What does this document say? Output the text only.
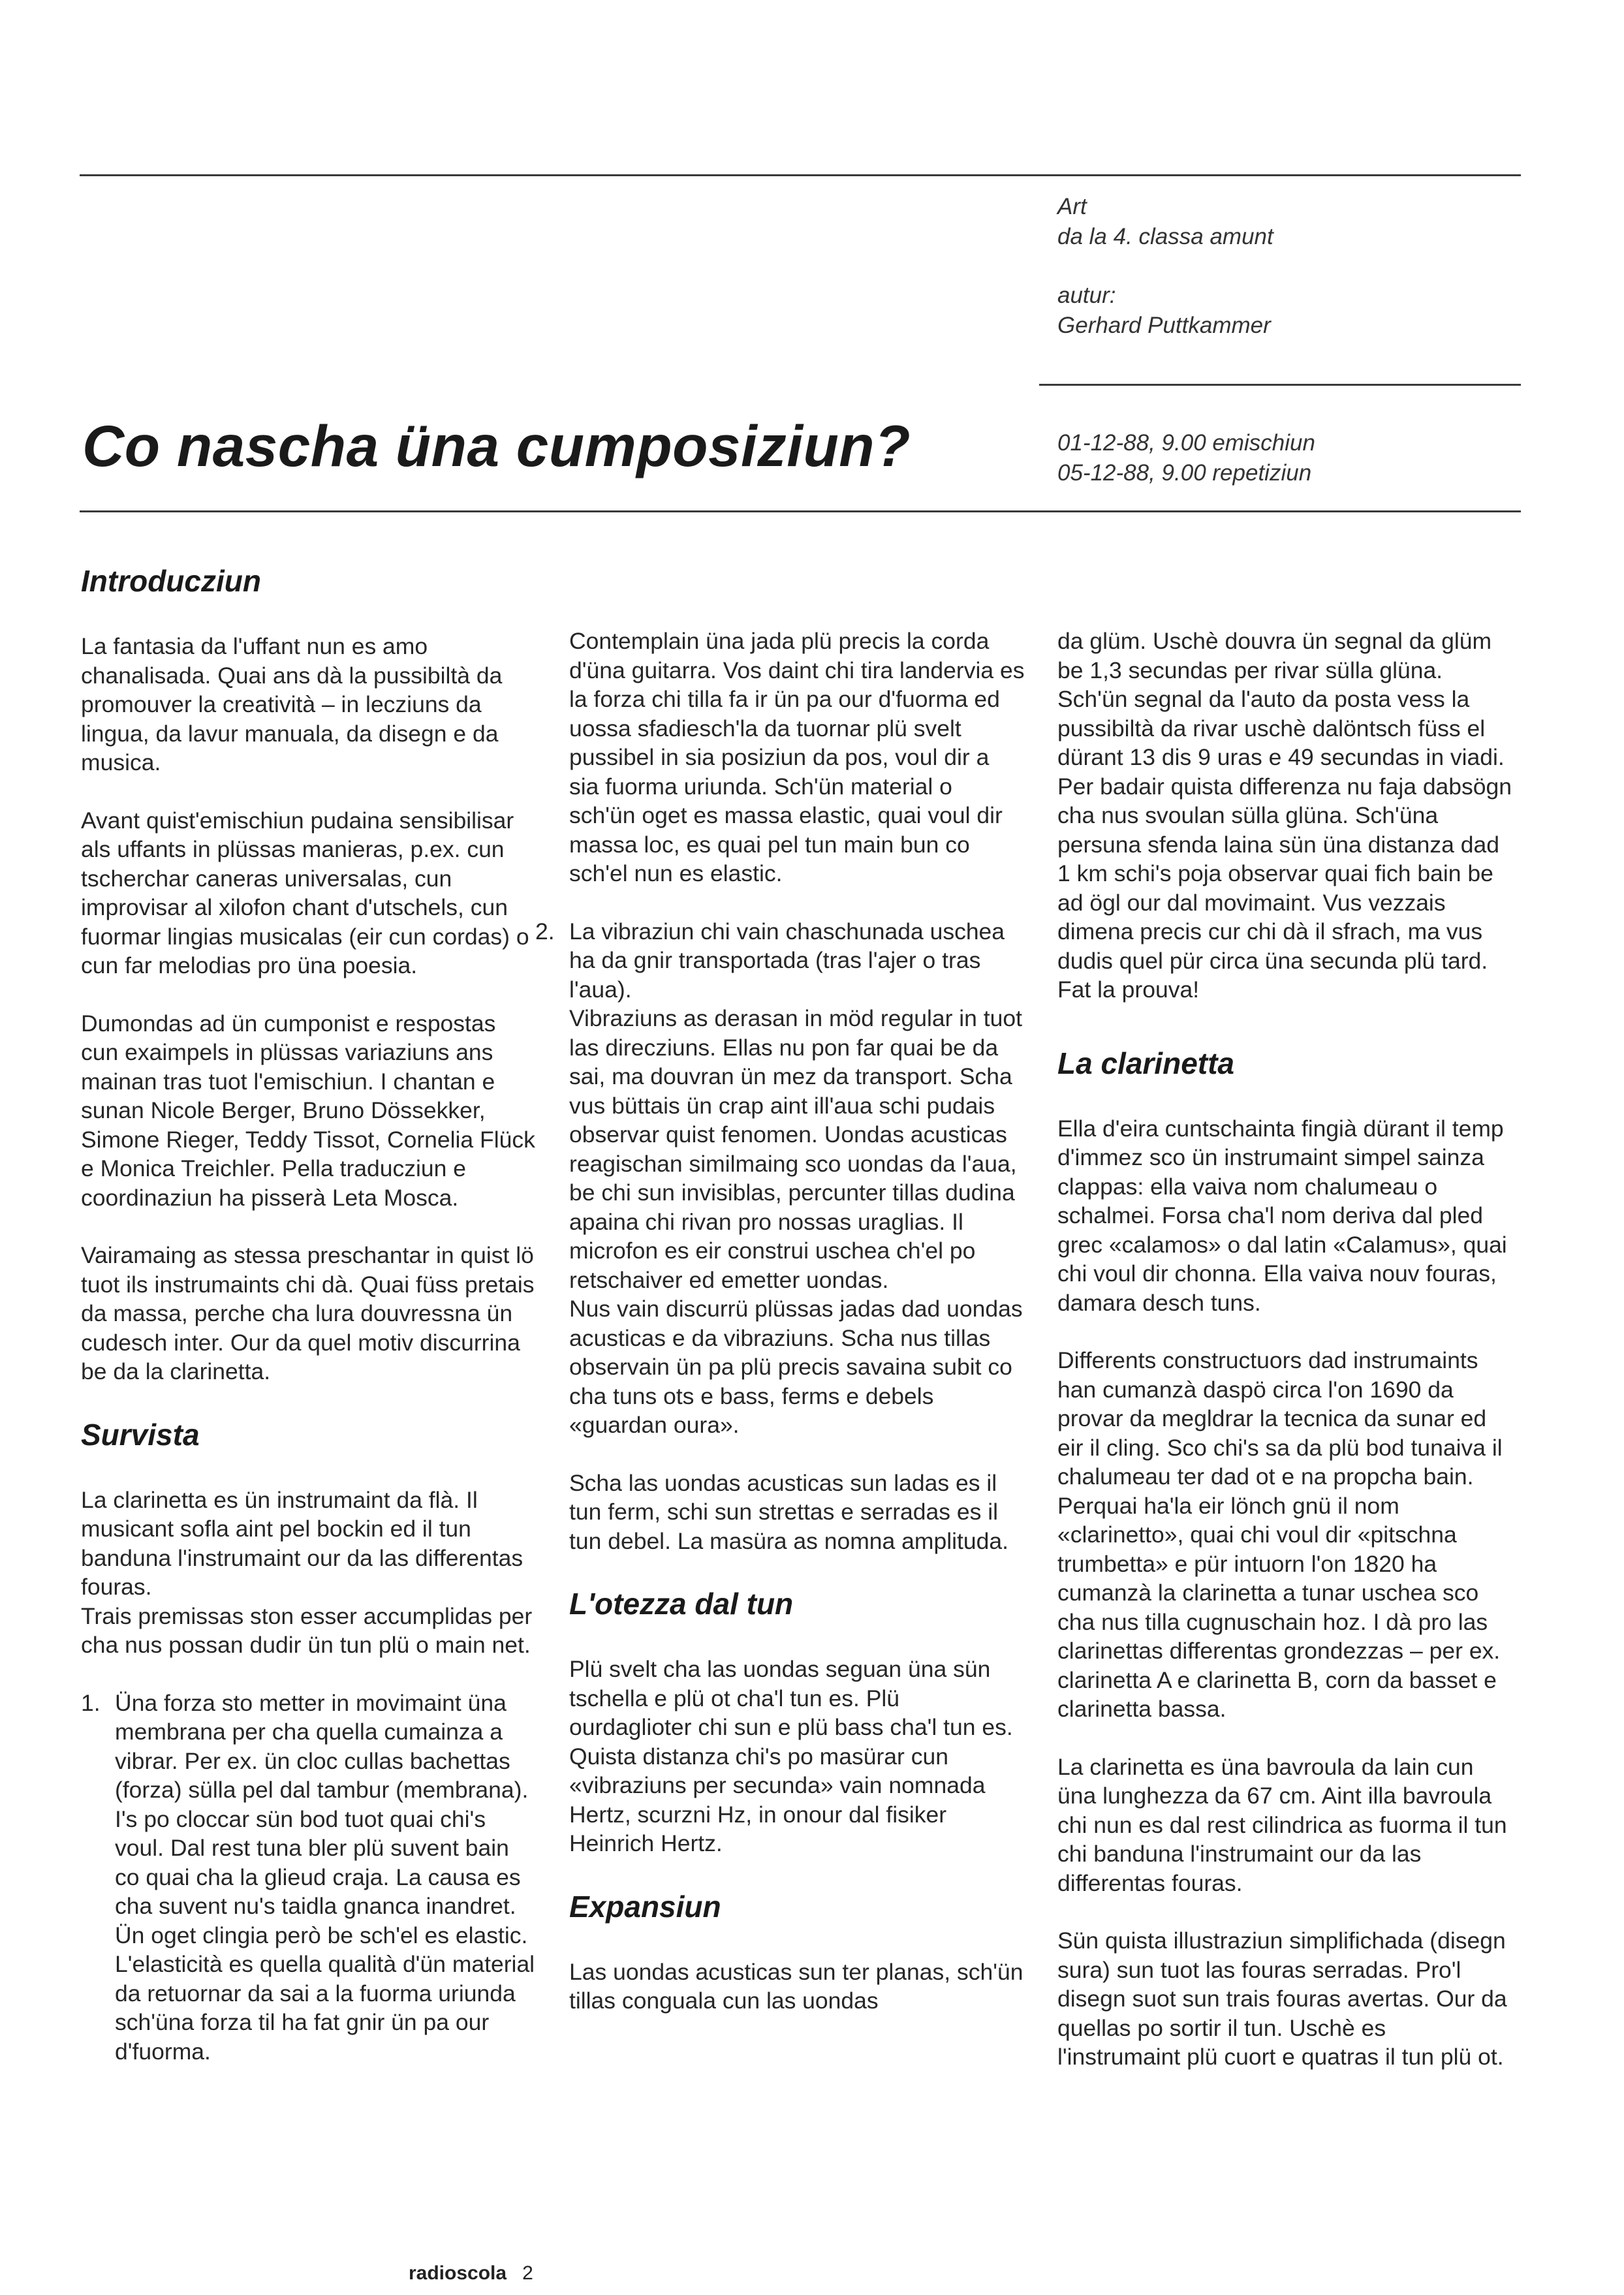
Art
da la 4. classa amunt
autur:
Gerhard Puttkammer
01-12-88, 9.00 emischiun
05-12-88, 9.00 repetiziun
Co nascha üna cumposiziun?
Introducziun

La fantasia da l'uffant nun es amo chanalisada. Quai ans dà la pussibiltà da promouver la creatività – in lecziuns da lingua, da lavur manuala, da disegn e da musica.

Avant quist'emischiun pudaina sensibilisar als uffants in plüssas manieras, p.ex. cun tscherchar caneras universalas, cun improvisar al xilofon chant d'utschels, cun fuormar lingias musicalas (eir cun cordas) o cun far melodias pro üna poesia.

Dumondas ad ün cumponist e respostas cun exaimpels in plüssas variaziuns ans mainan tras tuot l'emischiun. I chantan e sunan Nicole Berger, Bruno Dössekker, Simone Rieger, Teddy Tissot, Cornelia Flück e Monica Treichler. Pella traducziun e coordinaziun ha pisserà Leta Mosca.

Vairamaing as stessa preschantar in quist lö tuot ils instrumaints chi dà. Quai füss pretais da massa, perche cha lura douvressna ün cudesch inter. Our da quel motiv discurrina be da la clarinetta.

Survista

La clarinetta es ün instrumaint da flà. Il musicant sofla aint pel bockin ed il tun banduna l'instrumaint our da las differentas fouras.

Trais premissas ston esser accumplidas per cha nus possan dudir ün tun plü o main net.

1. Üna forza sto metter in movimaint üna membrana per cha quella cumainza a vibrar. Per ex. ün cloc cullas bachettas (forza) sülla pel dal tambur (membrana).

I's po cloccar sün bod tuot quai chi's voul. Dal rest tuna bler plü suvent bain co quai cha la glieud craja. La causa es cha suvent nu's taidla gnanca inandret.

Ün oget clingia però be sch'el es elastic. L'elasticità es quella qualità d'ün material da retuornar da sai a la fuorma uriunda sch'üna forza til ha fat gnir ün pa our d'fuorma.

Contemplain üna jada plü precis la corda d'üna guitarra. Vos daint chi tira landervia es la forza chi tilla fa ir ün pa our d'fuorma ed uossa sfadiesch'la da tuornar plü svelt pussibel in sia posiziun da pos, voul dir a sia fuorma uriunda. Sch'ün material o sch'ün oget es massa elastic, quai voul dir massa loc, es quai pel tun main bun co sch'el nun es elastic.

2. La vibraziun chi vain chaschunada uschea ha da gnir transportada (tras l'ajer o tras l'aua).

Vibraziuns as derasan in möd regular in tuot las direcziuns. Ellas nu pon far quai be da sai, ma douvran ün mez da transport. Scha vus büttais ün crap aint ill'aua schi pudais observar quist fenomen. Uondas acusticas reagischan similmaing sco uondas da l'aua, be chi sun invisiblas, percunter tillas dudina apaina chi rivan pro nossas uraglias. Il microfon es eir construi uschea ch'el po retschaiver ed emetter uondas.

Nus vain discurrü plüssas jadas dad uondas acusticas e da vibraziuns. Scha nus tillas observain ün pa plü precis savaina subit co cha tuns ots e bass, ferms e debels «guardan oura».

Scha las uondas acusticas sun ladas es il tun ferm, schi sun strettas e serradas es il tun debel. La masüra as nomna amplituda.

L'otezza dal tun

Plü svelt cha las uondas seguan üna sün tschella e plü ot cha'l tun es. Plü ourdaglioter chi sun e plü bass cha'l tun es. Quista distanza chi's po masürar cun «vibraziuns per secunda» vain nomnada Hertz, scurzni Hz, in onour dal fisiker Heinrich Hertz.

Expansiun

Las uondas acusticas sun ter planas, sch'ün tillas conguala cun las uondas

da glüm. Uschè douvra ün segnal da glüm be 1,3 secundas per rivar sülla glüna. Sch'ün segnal da l'auto da posta vess la pussibiltà da rivar uschè dalöntsch füss el dürant 13 dis 9 uras e 49 secundas in viadi. Per badair quista differenza nu faja dabsögn cha nus svoulan sülla glüna. Sch'üna persuna sfenda laina sün üna distanza dad 1 km schi's poja observar quai fich bain be ad ögl our dal movimaint. Vus vezzais dimena precis cur chi dà il sfrach, ma vus dudis quel pür circa üna secunda plü tard. Fat la prouva!

La clarinetta

Ella d'eira cuntschainta fingià dürant il temp d'immez sco ün instrumaint simpel sainza clappas: ella vaiva nom chalumeau o schalmei. Forsa cha'l nom deriva dal pled grec «calamos» o dal latin «Calamus», quai chi voul dir chonna. Ella vaiva nouv fouras, damara desch tuns.

Differents constructuors dad instrumaints han cumanzà daspö circa l'on 1690 da provar da megldrar la tecnica da sunar ed eir il cling. Sco chi's sa da plü bod tunaiva il chalumeau ter dad ot e na propcha bain. Perquai ha'la eir lönch gnü il nom «clarinetto», quai chi voul dir «pitschna trumbetta» e pür intuorn l'on 1820 ha cumanzà la clarinetta a tunar uschea sco cha nus tilla cugnuschain hoz. I dà pro las clarinettas differentas grondezzas – per ex. clarinetta A e clarinetta B, corn da basset e clarinetta bassa.

La clarinetta es üna bavroula da lain cun üna lunghezza da 67 cm. Aint illa bavroula chi nun es dal rest cilindrica as fuorma il tun chi banduna l'instrumaint our da las differentas fouras.

Sün quista illustraziun simplifichada (disegn sura) sun tuot las fouras serradas. Pro'l disegn suot sun trais fouras avertas. Our da quellas po sortir il tun. Uschè es l'instrumaint plü cuort e quatras il tun plü ot.

radioscola 2
